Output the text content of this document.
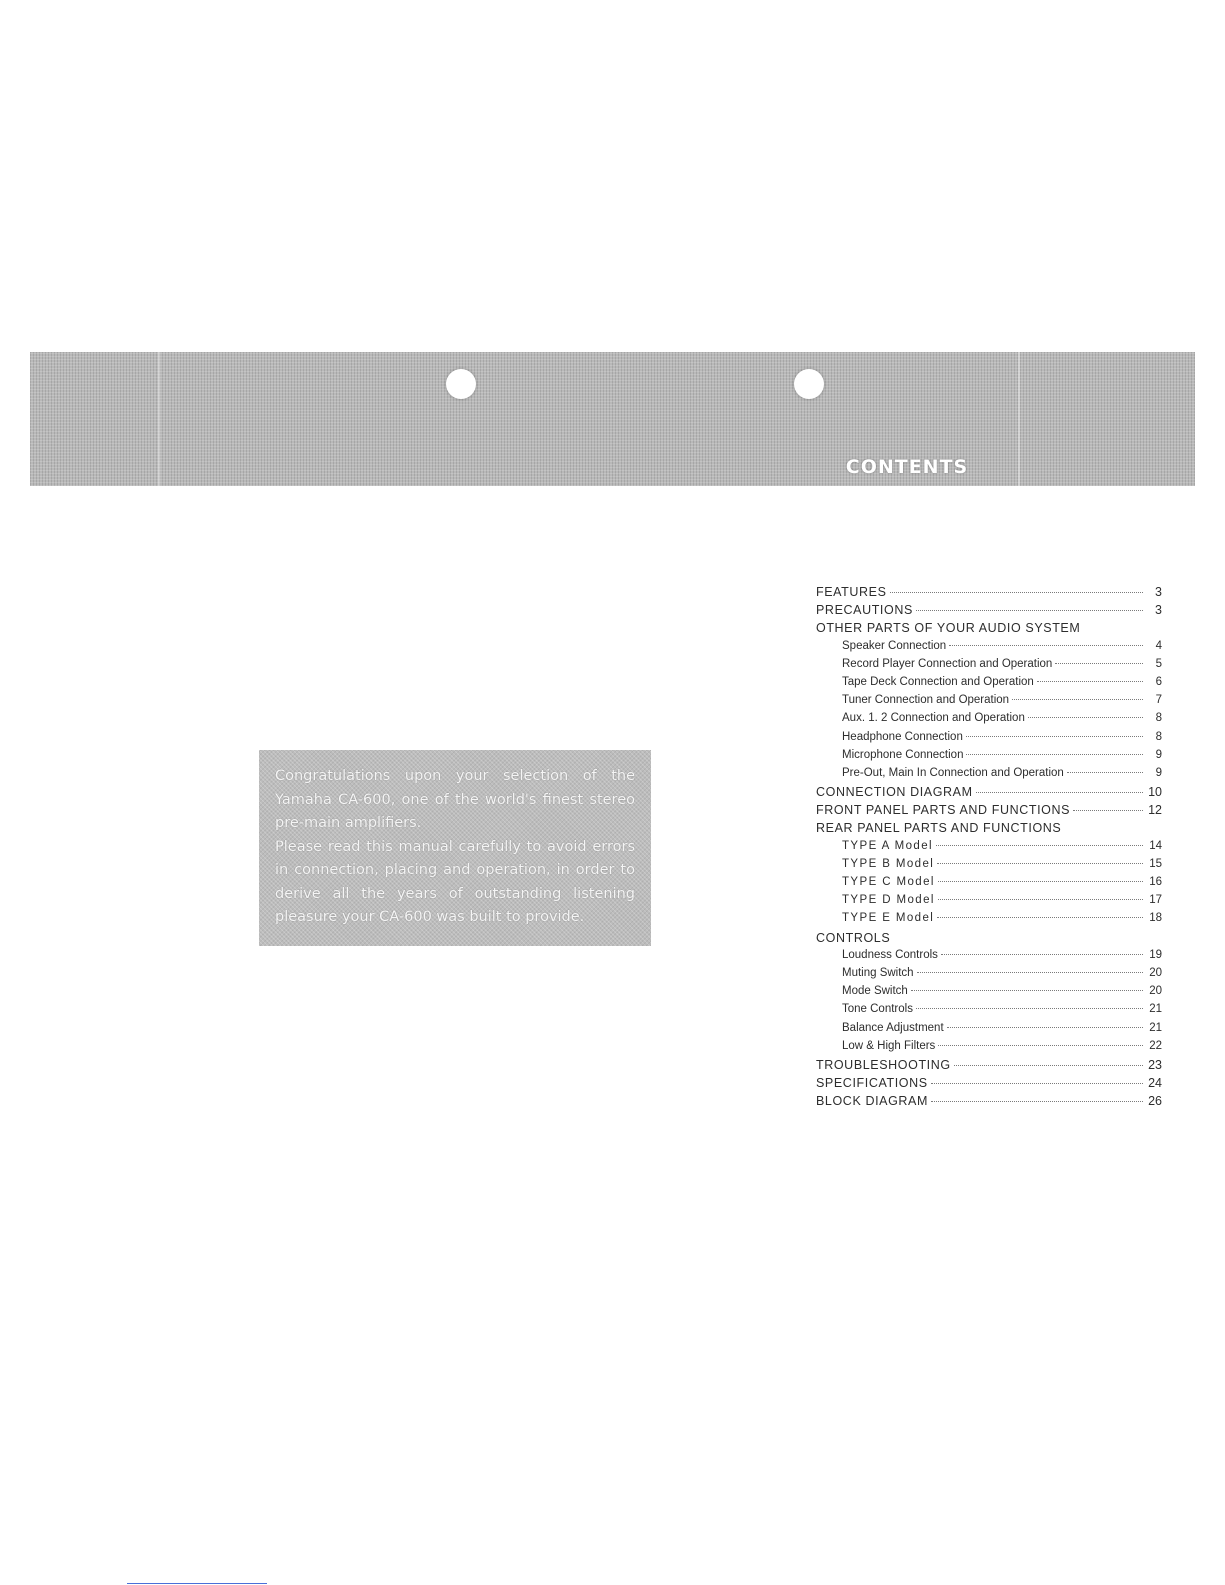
CONTENTS

Congratulations upon your selection of the Yamaha CA-600, one of the world's finest stereo pre-main amplifiers.

Please read this manual carefully to avoid errors in connection, placing and operation, in order to derive all the years of outstanding listening pleasure your CA-600 was built to provide.

FEATURES	3
PRECAUTIONS	3
OTHER PARTS OF YOUR AUDIO SYSTEM
Speaker Connection	4
Record Player Connection and Operation	5
Tape Deck Connection and Operation	6
Tuner Connection and Operation	7
Aux. 1. 2 Connection and Operation	8
Headphone Connection	8
Microphone Connection	9
Pre-Out, Main In Connection and Operation	9
CONNECTION DIAGRAM	10
FRONT PANEL PARTS AND FUNCTIONS	12
REAR PANEL PARTS AND FUNCTIONS
TYPE A Model	14
TYPE B Model	15
TYPE C Model	16
TYPE D Model	17
TYPE E Model	18
CONTROLS
Loudness Controls	19
Muting Switch	20
Mode Switch	20
Tone Controls	21
Balance Adjustment	21
Low & High Filters	22
TROUBLESHOOTING	23
SPECIFICATIONS	24
BLOCK DIAGRAM	26
